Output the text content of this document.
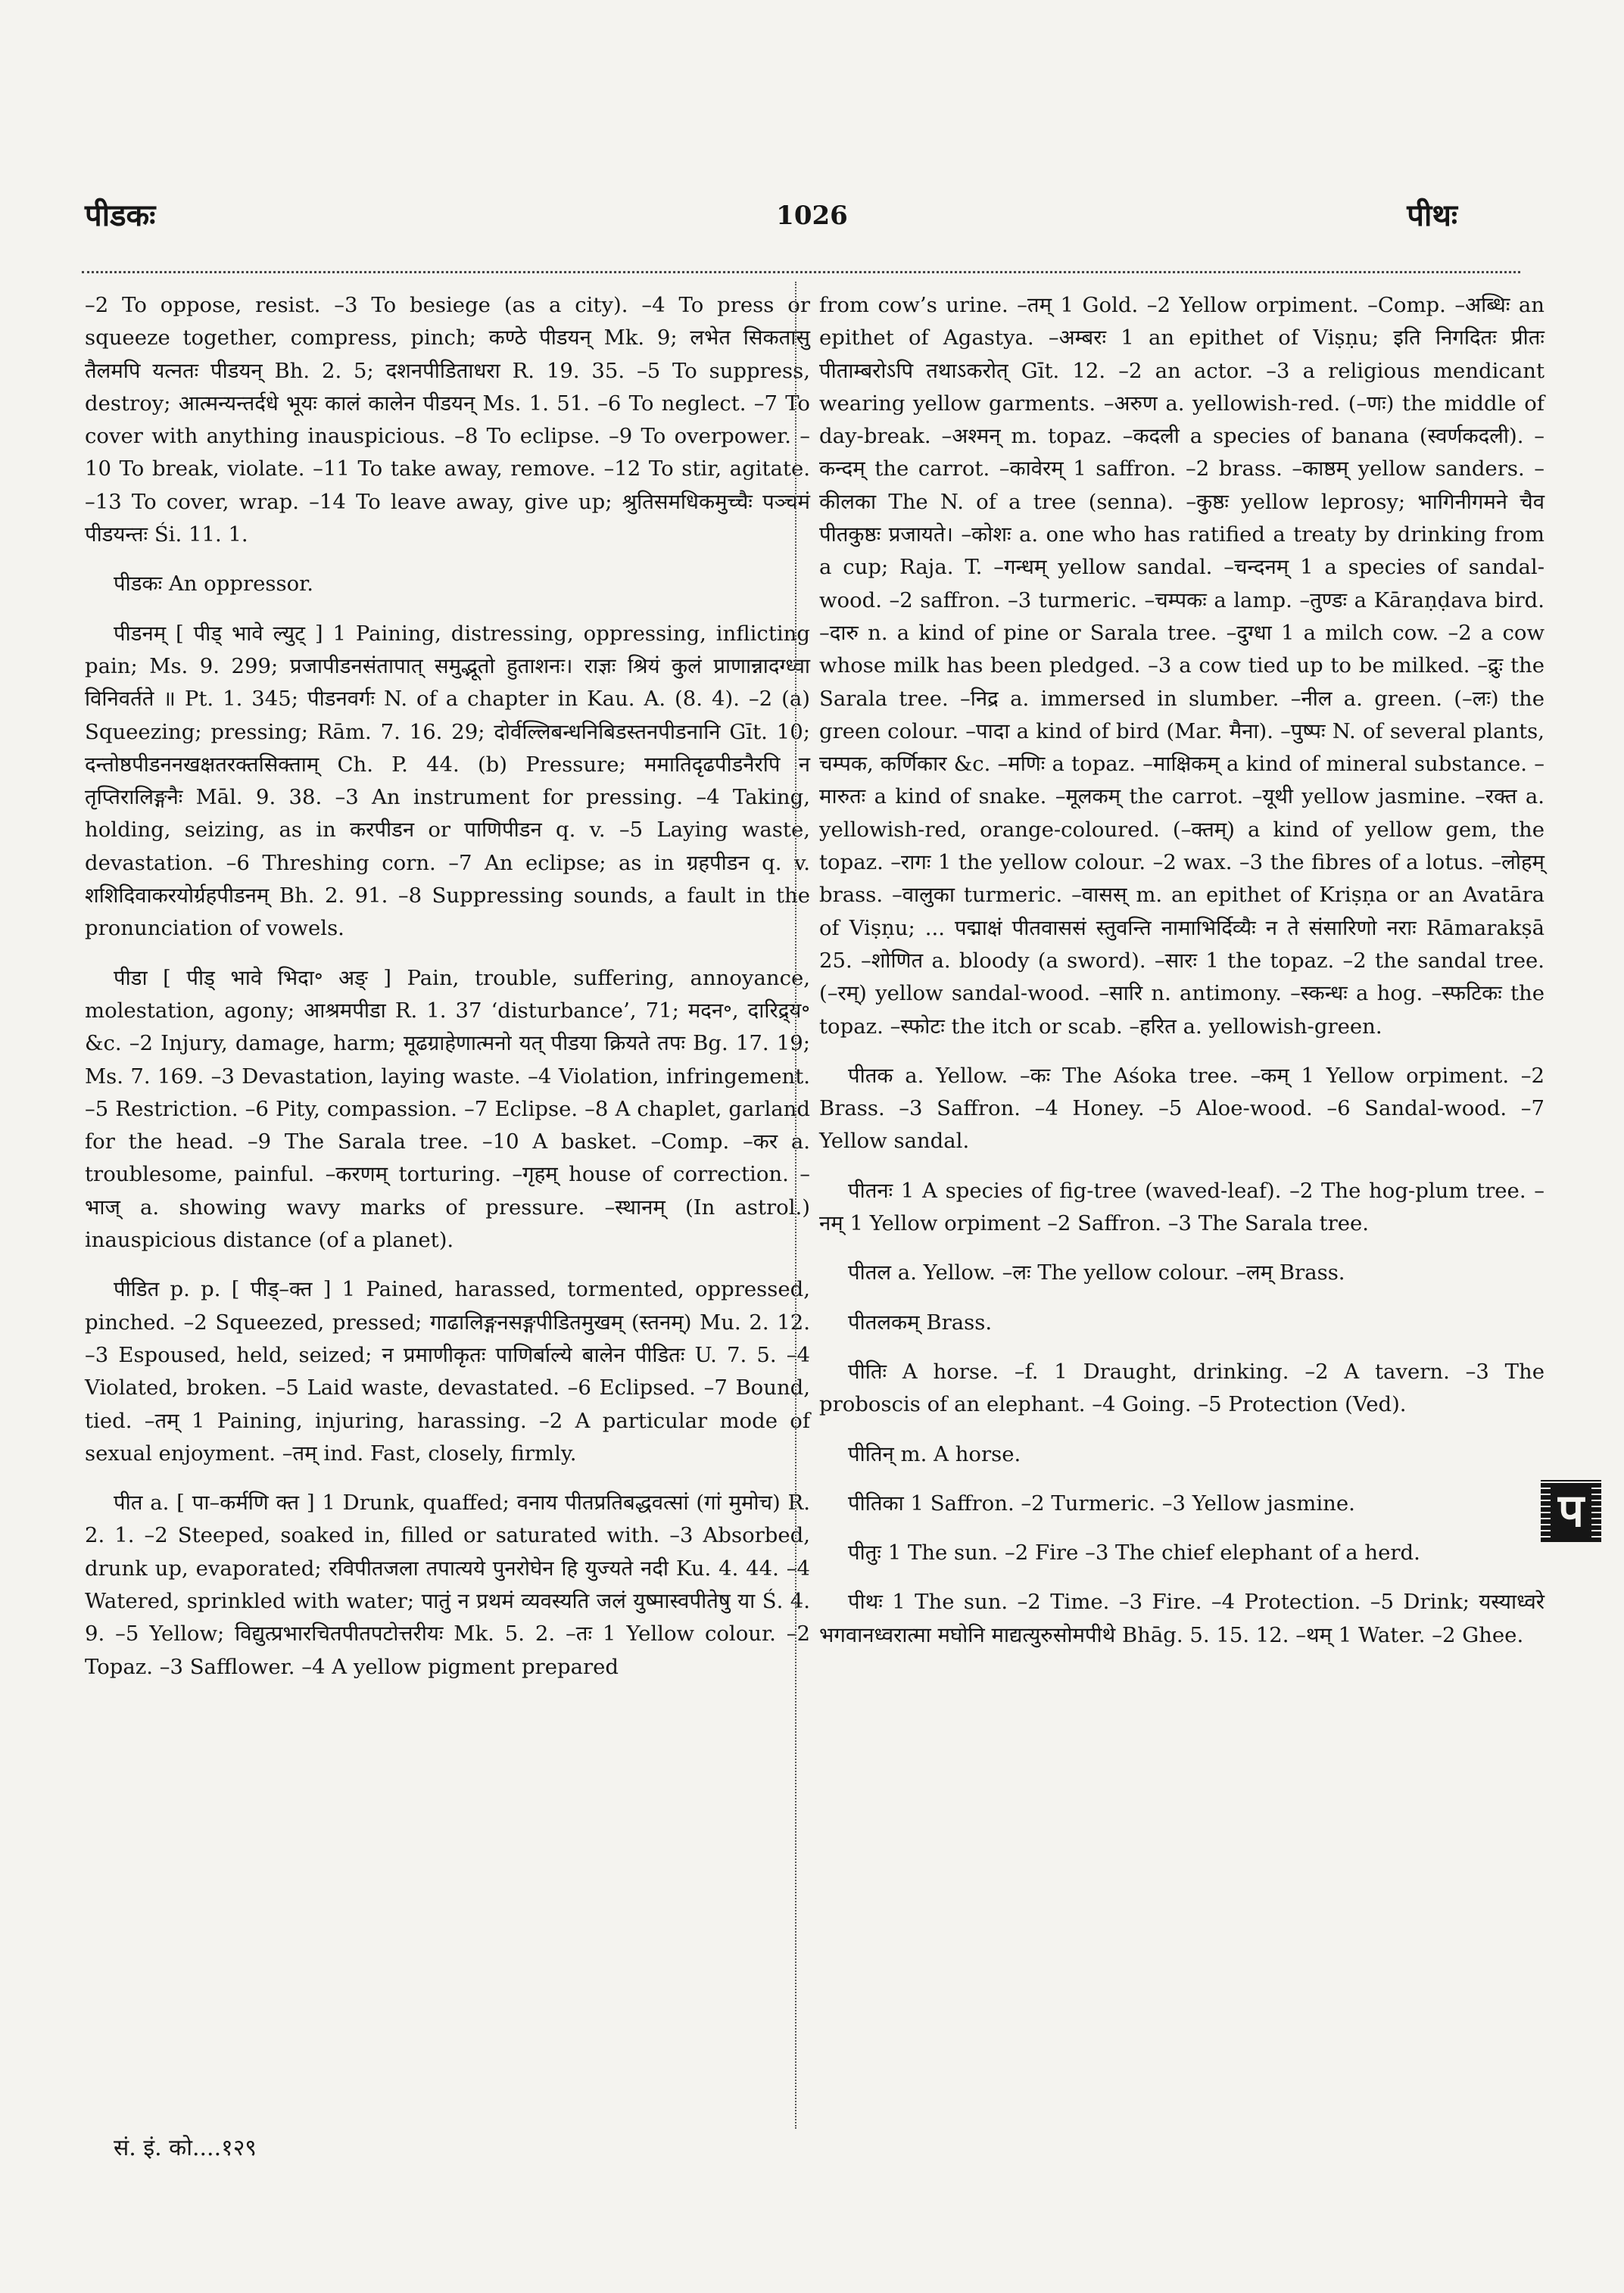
पीडकः	1026	पीथः

–2 To oppose, resist. –3 To besiege (as a city). –4 To press or squeeze together, compress, pinch; कण्ठे पीडयन् Mk. 9; लभेत सिकतासु तैलमपि यत्नतः पीडयन् Bh. 2. 5; दशनपीडिताधरा R. 19. 35. –5 To suppress, destroy; आत्मन्यन्तर्दधे भूयः कालं कालेन पीडयन् Ms. 1. 51. –6 To neglect. –7 To cover with anything inauspicious. –8 To eclipse. –9 To overpower. –10 To break, violate. –11 To take away, remove. –12 To stir, agitate. –13 To cover, wrap. –14 To leave away, give up; श्रुतिसमधिकमुच्चैः पञ्चमं पीडयन्तः Śi. 11. 1.

पीडकः An oppressor.

पीडनम् [ पीड् भावे ल्युट् ] 1 Paining, distressing, oppressing, inflicting pain; Ms. 9. 299; प्रजापीडनसंतापात् समुद्भूतो हुताशनः। राज्ञः श्रियं कुलं प्राणान्नादग्ध्वा विनिवर्तते ॥ Pt. 1. 345; पीडनवर्गः N. of a chapter in Kau. A. (8. 4). –2 (a) Squeezing; pressing; Rām. 7. 16. 29; दोर्वल्लिबन्धनिबिडस्तनपीडनानि Gīt. 10; दन्तोष्ठपीडननखक्षतरक्तसिक्ताम् Ch. P. 44. (b) Pressure; ममातिदृढपीडनैरपि न तृप्तिरालिङ्गनैः Māl. 9. 38. –3 An instrument for pressing. –4 Taking, holding, seizing, as in करपीडन or पाणिपीडन q. v. –5 Laying waste, devastation. –6 Threshing corn. –7 An eclipse; as in ग्रहपीडन q. v. शशिदिवाकरयोर्ग्रहपीडनम् Bh. 2. 91. –8 Suppressing sounds, a fault in the pronunciation of vowels.

पीडा [ पीड् भावे भिदा॰ अङ् ] Pain, trouble, suffering, annoyance, molestation, agony; आश्रमपीडा R. 1. 37 ‘disturbance’, 71; मदन॰, दारिद्र्य॰ &c. –2 Injury, damage, harm; मूढग्राहेणात्मनो यत् पीडया क्रियते तपः Bg. 17. 19; Ms. 7. 169. –3 Devastation, laying waste. –4 Violation, infringement. –5 Restriction. –6 Pity, compassion. –7 Eclipse. –8 A chaplet, garland for the head. –9 The Sarala tree. –10 A basket. –Comp. –कर a. troublesome, painful. –करणम् torturing. –गृहम् house of correction. –भाज् a. showing wavy marks of pressure. –स्थानम् (In astrol.) inauspicious distance (of a planet).

पीडित p. p. [ पीड्–क्त ] 1 Pained, harassed, tormented, oppressed, pinched. –2 Squeezed, pressed; गाढालिङ्गनसङ्गपीडितमुखम् (स्तनम्) Mu. 2. 12. –3 Espoused, held, seized; न प्रमाणीकृतः पाणिर्बाल्ये बालेन पीडितः U. 7. 5. –4 Violated, broken. –5 Laid waste, devastated. –6 Eclipsed. –7 Bound, tied. –तम् 1 Paining, injuring, harassing. –2 A particular mode of sexual enjoyment. –तम् ind. Fast, closely, firmly.

पीत a. [ पा–कर्मणि क्त ] 1 Drunk, quaffed; वनाय पीतप्रतिबद्धवत्सां (गां मुमोच) R. 2. 1. –2 Steeped, soaked in, filled or saturated with. –3 Absorbed, drunk up, evaporated; रविपीतजला तपात्यये पुनरोघेन हि युज्यते नदी Ku. 4. 44. –4 Watered, sprinkled with water; पातुं न प्रथमं व्यवस्यति जलं युष्मास्वपीतेषु या Ś. 4. 9. –5 Yellow; विद्युत्प्रभारचितपीतपटोत्तरीयः Mk. 5. 2. –तः 1 Yellow colour. –2 Topaz. –3 Safflower. –4 A yellow pigment prepared

from cow’s urine. –तम् 1 Gold. –2 Yellow orpiment. –Comp. –अब्धिः an epithet of Agastya. –अम्बरः 1 an epithet of Viṣṇu; इति निगदितः प्रीतः पीताम्बरोऽपि तथाऽकरोत् Gīt. 12. –2 an actor. –3 a religious mendicant wearing yellow garments. –अरुण a. yellowish-red. (–णः) the middle of day-break. –अश्मन् m. topaz. –कदली a species of banana (स्वर्णकदली). –कन्दम् the carrot. –कावेरम् 1 saffron. –2 brass. –काष्ठम् yellow sanders. –कीलका The N. of a tree (senna). –कुष्ठः yellow leprosy; भागिनीगमने चैव पीतकुष्ठः प्रजायते। –कोशः a. one who has ratified a treaty by drinking from a cup; Raja. T. –गन्धम् yellow sandal. –चन्दनम् 1 a species of sandal-wood. –2 saffron. –3 turmeric. –चम्पकः a lamp. –तुण्डः a Kāraṇḍava bird. –दारु n. a kind of pine or Sarala tree. –दुग्धा 1 a milch cow. –2 a cow whose milk has been pledged. –3 a cow tied up to be milked. –द्रुः the Sarala tree. –निद्र a. immersed in slumber. –नील a. green. (–लः) the green colour. –पादा a kind of bird (Mar. मैना). –पुष्पः N. of several plants, चम्पक, कर्णिकार &c. –मणिः a topaz. –माक्षिकम् a kind of mineral substance. –मारुतः a kind of snake. –मूलकम् the carrot. –यूथी yellow jasmine. –रक्त a. yellowish-red, orange-coloured. (–क्तम्) a kind of yellow gem, the topaz. –रागः 1 the yellow colour. –2 wax. –3 the fibres of a lotus. –लोहम् brass. –वालुका turmeric. –वासस् m. an epithet of Kriṣṇa or an Avatāra of Viṣṇu; ... पद्माक्षं पीतवाससं स्तुवन्ति नामाभिर्दिव्यैः न ते संसारिणो नराः Rāmarakṣā 25. –शोणित a. bloody (a sword). –सारः 1 the topaz. –2 the sandal tree. (–रम्) yellow sandal-wood. –सारि n. antimony. –स्कन्धः a hog. –स्फटिकः the topaz. –स्फोटः the itch or scab. –हरित a. yellowish-green.

पीतक a. Yellow. –कः The Aśoka tree. –कम् 1 Yellow orpiment. –2 Brass. –3 Saffron. –4 Honey. –5 Aloe-wood. –6 Sandal-wood. –7 Yellow sandal.

पीतनः 1 A species of fig-tree (waved-leaf). –2 The hog-plum tree. –नम् 1 Yellow orpiment –2 Saffron. –3 The Sarala tree.

पीतल a. Yellow. –लः The yellow colour. –लम् Brass.

पीतलकम् Brass.

पीतिः A horse. –f. 1 Draught, drinking. –2 A tavern. –3 The proboscis of an elephant. –4 Going. –5 Protection (Ved).

पीतिन् m. A horse.

पीतिका 1 Saffron. –2 Turmeric. –3 Yellow jasmine.

पीतुः 1 The sun. –2 Fire –3 The chief elephant of a herd.

पीथः 1 The sun. –2 Time. –3 Fire. –4 Protection. –5 Drink; यस्याध्वरे भगवानध्वरात्मा मघोनि माद्यत्युरुसोमपीथे Bhāg. 5. 15. 12. –थम् 1 Water. –2 Ghee.

प
सं. इं. को....१२९
